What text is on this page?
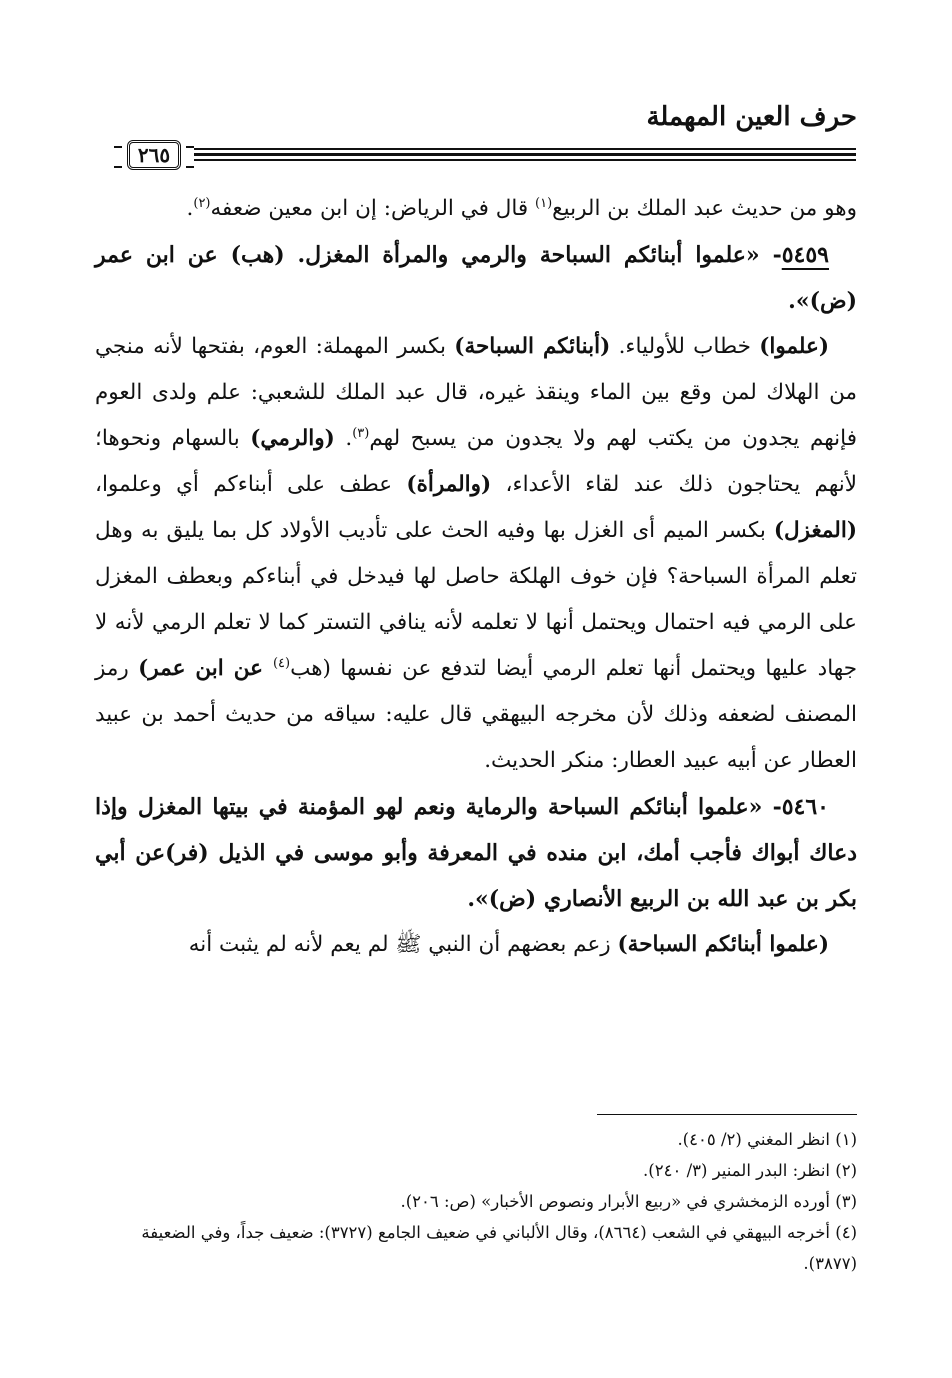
حرف العين المهملة
٢٦٥

وهو من حديث عبد الملك بن الربيع$^{(١)}$ قال في الرياض: إن ابن معين ضعفه$^{(٢)}$.

٥٤٥٩- «علموا أبنائكم السباحة والرمي والمرأة المغزل. (هب) عن ابن عمر (ض)».

(علموا) خطاب للأولياء. (أبنائكم السباحة) بكسر المهملة: العوم، بفتحها لأنه منجي من الهلاك لمن وقع بين الماء وينقذ غيره، قال عبد الملك للشعبي: علم ولدى العوم فإنهم يجدون من يكتب لهم ولا يجدون من يسبح لهم$^{(٣)}$. (والرمي) بالسهام ونحوها؛ لأنهم يحتاجون ذلك عند لقاء الأعداء، (والمرأة) عطف على أبناءكم أي وعلموا، (المغزل) بكسر الميم أى الغزل بها وفيه الحث على تأديب الأولاد كل بما يليق به وهل تعلم المرأة السباحة؟ فإن خوف الهلكة حاصل لها فيدخل في أبناءكم وبعطف المغزل على الرمي فيه احتمال ويحتمل أنها لا تعلمه لأنه ينافي التستر كما لا تعلم الرمي لأنه لا جهاد عليها ويحتمل أنها تعلم الرمي أيضا لتدفع عن نفسها (هب$^{(٤)}$ عن ابن عمر) رمز المصنف لضعفه وذلك لأن مخرجه البيهقي قال عليه: سياقه من حديث أحمد بن عبيد العطار عن أبيه عبيد العطار: منكر الحديث.

٥٤٦٠- «علموا أبنائكم السباحة والرماية ونعم لهو المؤمنة في بيتها المغزل وإذا دعاك أبواك فأجب أمك، ابن منده في المعرفة وأبو موسى في الذيل (فر)عن أبي بكر بن عبد الله بن الربيع الأنصاري (ض)».

(علموا أبنائكم السباحة) زعم بعضهم أن النبي ﷺ لم يعم لأنه لم يثبت أنه

(١) انظر المغني (٢/ ٤٠٥).
(٢) انظر: البدر المنير (٣/ ٢٤٠).
(٣) أورده الزمخشري في «ربيع الأبرار ونصوص الأخبار» (ص: ٢٠٦).
(٤) أخرجه البيهقي في الشعب (٨٦٦٤)، وقال الألباني في ضعيف الجامع (٣٧٢٧): ضعيف جداً، وفي الضعيفة (٣٨٧٧).
